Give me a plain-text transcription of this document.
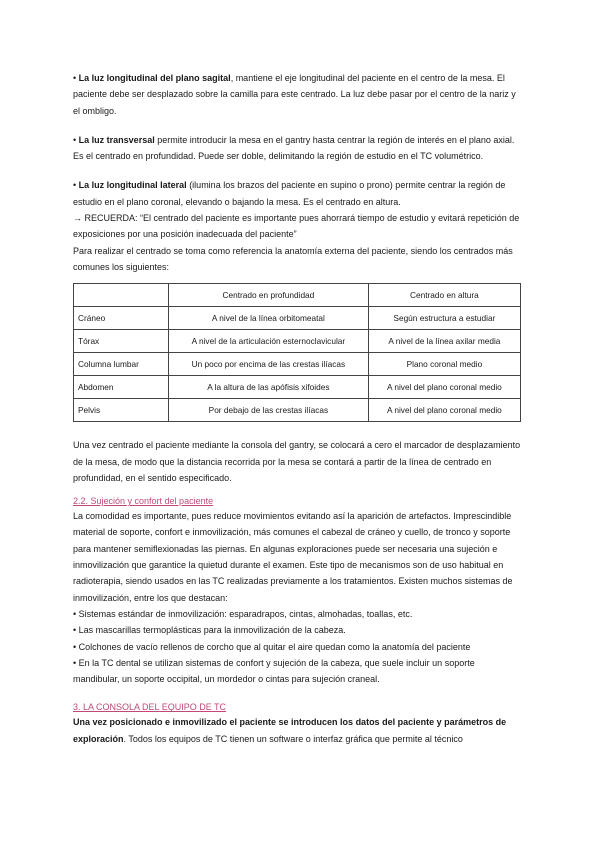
• La luz longitudinal del plano sagital, mantiene el eje longitudinal del paciente en el centro de la mesa. El paciente debe ser desplazado sobre la camilla para este centrado. La luz debe pasar por el centro de la nariz y el ombligo.

• La luz transversal permite introducir la mesa en el gantry hasta centrar la región de interés en el plano axial. Es el centrado en profundidad. Puede ser doble, delimitando la región de estudio en el TC volumétrico.

• La luz longitudinal lateral (ilumina los brazos del paciente en supino o prono) permite centrar la región de estudio en el plano coronal, elevando o bajando la mesa. Es el centrado en altura.

→ RECUERDA: “El centrado del paciente es importante pues ahorrará tiempo de estudio y evitará repetición de exposiciones por una posición inadecuada del paciente”

Para realizar el centrado se toma como referencia la anatomía externa del paciente, siendo los centrados más comunes los siguientes:

	Centrado en profundidad	Centrado en altura
Cráneo	A nivel de la línea orbitomeatal	Según estructura a estudiar
Tórax	A nivel de la articulación esternoclavicular	A nivel de la línea axilar media
Columna lumbar	Un poco por encima de las crestas ilíacas	Plano coronal medio
Abdomen	A la altura de las apófisis xifoides	A nivel del plano coronal medio
Pelvis	Por debajo de las crestas ilíacas	A nivel del plano coronal medio

Una vez centrado el paciente mediante la consola del gantry, se colocará a cero el marcador de desplazamiento de la mesa, de modo que la distancia recorrida por la mesa se contará a partir de la línea de centrado en profundidad, en el sentido especificado.

2.2. Sujeción y confort del paciente

La comodidad es importante, pues reduce movimientos evitando así la aparición de artefactos. Imprescindible material de soporte, confort e inmovilización, más comunes el cabezal de cráneo y cuello, de tronco y soporte para mantener semiflexionadas las piernas. En algunas exploraciones puede ser necesaria una sujeción e inmovilización que garantice la quietud durante el examen. Este tipo de mecanismos son de uso habitual en radioterapia, siendo usados en las TC realizadas previamente a los tratamientos. Existen muchos sistemas de inmovilización, entre los que destacan:

• Sistemas estándar de inmovilización: esparadrapos, cintas, almohadas, toallas, etc.

• Las mascarillas termoplásticas para la inmovilización de la cabeza.

• Colchones de vacío rellenos de corcho que al quitar el aire quedan como la anatomía del paciente

• En la TC dental se utilizan sistemas de confort y sujeción de la cabeza, que suele incluir un soporte mandibular, un soporte occipital, un mordedor o cintas para sujeción craneal.

3. LA CONSOLA DEL EQUIPO DE TC

Una vez posicionado e inmovilizado el paciente se introducen los datos del paciente y parámetros de exploración. Todos los equipos de TC tienen un software o interfaz gráfica que permite al técnico
